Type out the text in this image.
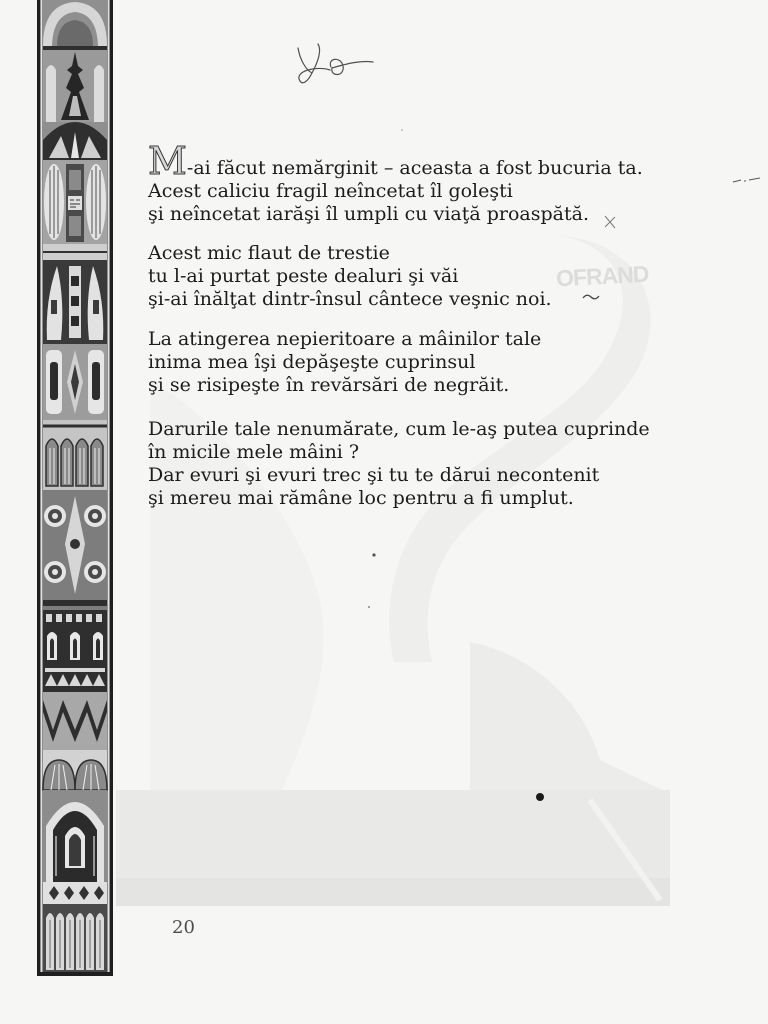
OFRAND
M-ai făcut nemărginit – aceasta a fost bucuria ta.
Acest caliciu fragil neîncetat îl goleşti
şi neîncetat iarăşi îl umpli cu viaţă proaspătă.
Acest mic flaut de trestie
tu l-ai purtat peste dealuri şi văi
şi-ai înălţat dintr-însul cântece veşnic noi.
La atingerea nepieritoare a mâinilor tale
inima mea îşi depăşeşte cuprinsul
şi se risipeşte în revărsări de negrăit.
Darurile tale nenumărate, cum le-aş putea cuprinde
în micile mele mâini ?
Dar evuri şi evuri trec şi tu te dărui necontenit
şi mereu mai rămâne loc pentru a fi umplut.
20
